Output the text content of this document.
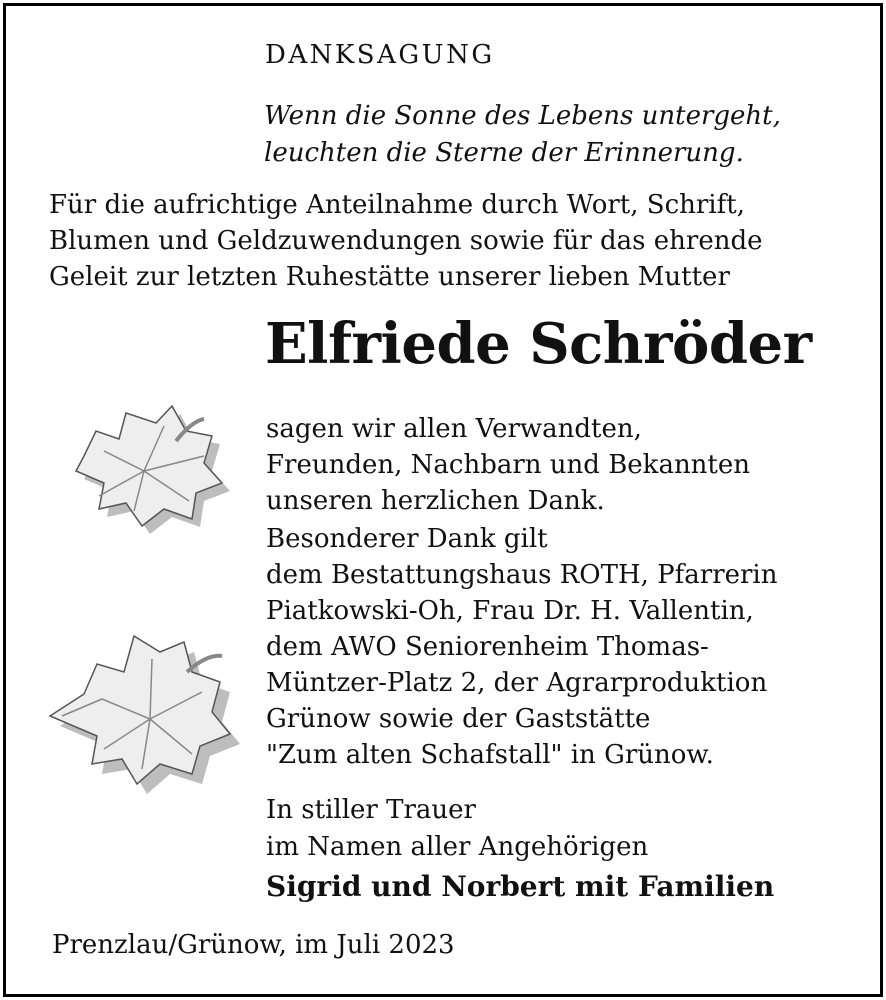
DANKSAGUNG
Wenn die Sonne des Lebens untergeht,
leuchten die Sterne der Erinnerung.
Für die aufrichtige Anteilnahme durch Wort, Schrift,
Blumen und Geldzuwendungen sowie für das ehrende
Geleit zur letzten Ruhestätte unserer lieben Mutter
Elfriede Schröder
sagen wir allen Verwandten,
Freunden, Nachbarn und Bekannten
unseren herzlichen Dank.
Besonderer Dank gilt
dem Bestattungshaus ROTH, Pfarrerin
Piatkowski-Oh, Frau Dr. H. Vallentin,
dem AWO Seniorenheim Thomas-
Müntzer-Platz 2, der Agrarproduktion
Grünow sowie der Gaststätte
"Zum alten Schafstall" in Grünow.
In stiller Trauer
im Namen aller Angehörigen
Sigrid und Norbert mit Familien
Prenzlau/Grünow, im Juli 2023
